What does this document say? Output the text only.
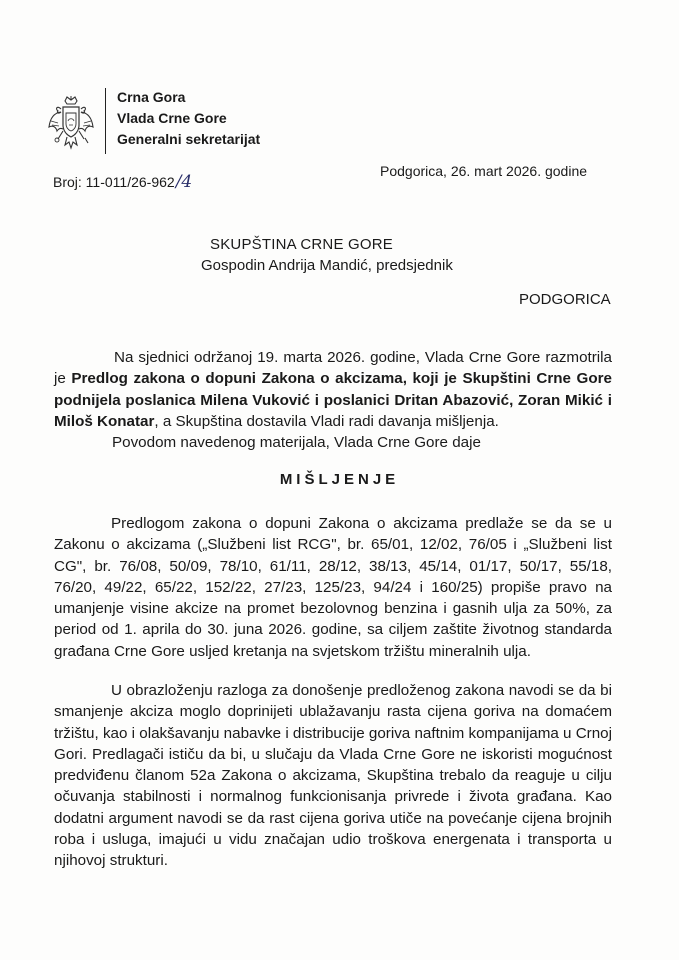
Crna Gora
Vlada Crne Gore
Generalni sekretarijat
Broj: 11-011/26-962/4
Podgorica, 26. mart 2026. godine
SKUPŠTINA CRNE GORE
Gospodin Andrija Mandić, predsjednik
PODGORICA
Na sjednici održanoj 19. marta 2026. godine, Vlada Crne Gore razmotrila je Predlog zakona o dopuni Zakona o akcizama, koji je Skupštini Crne Gore podnijela poslanica Milena Vuković i poslanici Dritan Abazović, Zoran Mikić i Miloš Konatar, a Skupština dostavila Vladi radi davanja mišljenja.
Povodom navedenog materijala, Vlada Crne Gore daje
MIŠLJENJE
Predlogom zakona o dopuni Zakona o akcizama predlaže se da se u Zakonu o akcizama („Službeni list RCG", br. 65/01, 12/02, 76/05 i „Službeni list CG", br. 76/08, 50/09, 78/10, 61/11, 28/12, 38/13, 45/14, 01/17, 50/17, 55/18, 76/20, 49/22, 65/22, 152/22, 27/23, 125/23, 94/24 i 160/25) propiše pravo na umanjenje visine akcize na promet bezolovnog benzina i gasnih ulja za 50%, za period od 1. aprila do 30. juna 2026. godine, sa ciljem zaštite životnog standarda građana Crne Gore usljed kretanja na svjetskom tržištu mineralnih ulja.
U obrazloženju razloga za donošenje predloženog zakona navodi se da bi smanjenje akciza moglo doprinijeti ublažavanju rasta cijena goriva na domaćem tržištu, kao i olakšavanju nabavke i distribucije goriva naftnim kompanijama u Crnoj Gori. Predlagači ističu da bi, u slučaju da Vlada Crne Gore ne iskoristi mogućnost predviđenu članom 52a Zakona o akcizama, Skupština trebalo da reaguje u cilju očuvanja stabilnosti i normalnog funkcionisanja privrede i života građana. Kao dodatni argument navodi se da rast cijena goriva utiče na povećanje cijena brojnih roba i usluga, imajući u vidu značajan udio troškova energenata i transporta u njihovoj strukturi.
